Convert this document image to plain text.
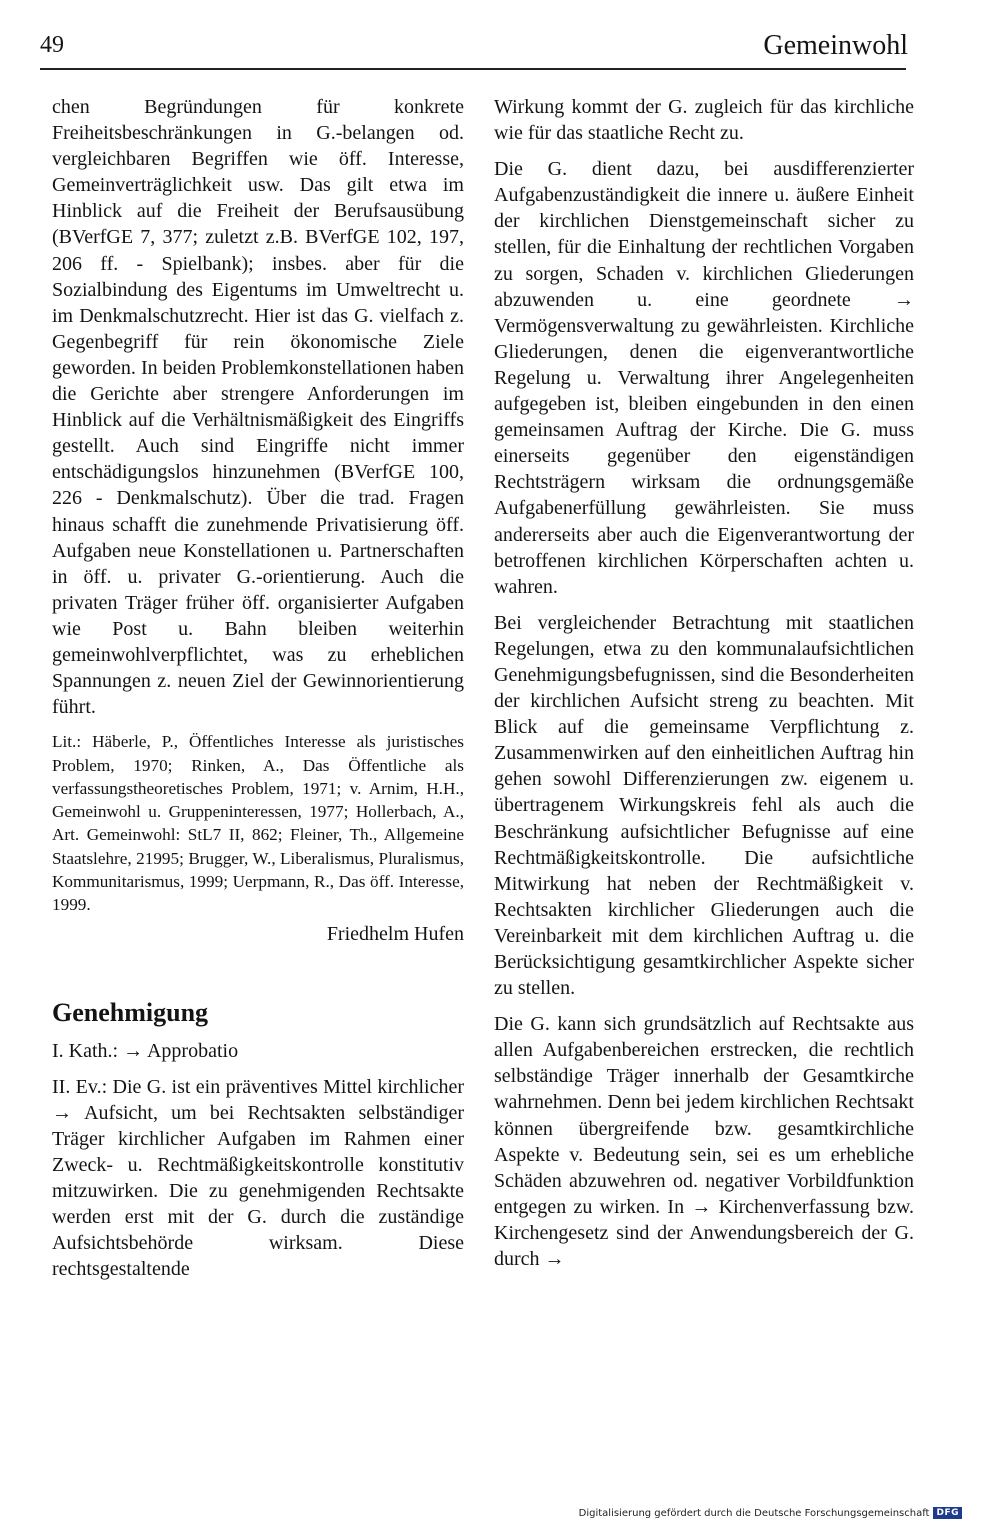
49	Gemeinwohl

chen Begründungen für konkrete Freiheitsbeschränkungen in G.-belangen od. vergleichbaren Begriffen wie öff. Interesse, Gemeinverträglichkeit usw. Das gilt etwa im Hinblick auf die Freiheit der Berufsausübung (BVerfGE 7, 377; zuletzt z.B. BVerfGE 102, 197, 206 ff. - Spielbank); insbes. aber für die Sozialbindung des Eigentums im Umweltrecht u. im Denkmalschutzrecht. Hier ist das G. vielfach z. Gegenbegriff für rein ökonomische Ziele geworden. In beiden Problemkonstellationen haben die Gerichte aber strengere Anforderungen im Hinblick auf die Verhältnismäßigkeit des Eingriffs gestellt. Auch sind Eingriffe nicht immer entschädigungslos hinzunehmen (BVerfGE 100, 226 - Denkmalschutz). Über die trad. Fragen hinaus schafft die zunehmende Privatisierung öff. Aufgaben neue Konstellationen u. Partnerschaften in öff. u. privater G.-orientierung. Auch die privaten Träger früher öff. organisierter Aufgaben wie Post u. Bahn bleiben weiterhin gemeinwohlverpflichtet, was zu erheblichen Spannungen z. neuen Ziel der Gewinnorientierung führt.

Lit.: Häberle, P., Öffentliches Interesse als juristisches Problem, 1970; Rinken, A., Das Öffentliche als verfassungstheoretisches Problem, 1971; v. Arnim, H.H., Gemeinwohl u. Gruppeninteressen, 1977; Hollerbach, A., Art. Gemeinwohl: StL7 II, 862; Fleiner, Th., Allgemeine Staatslehre, 21995; Brugger, W., Liberalismus, Pluralismus, Kommunitarismus, 1999; Uerpmann, R., Das öff. Interesse, 1999.

Friedhelm Hufen

Genehmigung

I. Kath.: → Approbatio

II. Ev.: Die G. ist ein präventives Mittel kirchlicher → Aufsicht, um bei Rechtsakten selbständiger Träger kirchlicher Aufgaben im Rahmen einer Zweck- u. Rechtmäßigkeitskontrolle konstitutiv mitzuwirken. Die zu genehmigenden Rechtsakte werden erst mit der G. durch die zuständige Aufsichtsbehörde wirksam. Diese rechtsgestaltende

Wirkung kommt der G. zugleich für das kirchliche wie für das staatliche Recht zu.

Die G. dient dazu, bei ausdifferenzierter Aufgabenzuständigkeit die innere u. äußere Einheit der kirchlichen Dienstgemeinschaft sicher zu stellen, für die Einhaltung der rechtlichen Vorgaben zu sorgen, Schaden v. kirchlichen Gliederungen abzuwenden u. eine geordnete → Vermögensverwaltung zu gewährleisten. Kirchliche Gliederungen, denen die eigenverantwortliche Regelung u. Verwaltung ihrer Angelegenheiten aufgegeben ist, bleiben eingebunden in den einen gemeinsamen Auftrag der Kirche. Die G. muss einerseits gegenüber den eigenständigen Rechtsträgern wirksam die ordnungsgemäße Aufgabenerfüllung gewährleisten. Sie muss andererseits aber auch die Eigenverantwortung der betroffenen kirchlichen Körperschaften achten u. wahren.

Bei vergleichender Betrachtung mit staatlichen Regelungen, etwa zu den kommunalaufsichtlichen Genehmigungsbefugnissen, sind die Besonderheiten der kirchlichen Aufsicht streng zu beachten. Mit Blick auf die gemeinsame Verpflichtung z. Zusammenwirken auf den einheitlichen Auftrag hin gehen sowohl Differenzierungen zw. eigenem u. übertragenem Wirkungskreis fehl als auch die Beschränkung aufsichtlicher Befugnisse auf eine Rechtmäßigkeitskontrolle. Die aufsichtliche Mitwirkung hat neben der Rechtmäßigkeit v. Rechtsakten kirchlicher Gliederungen auch die Vereinbarkeit mit dem kirchlichen Auftrag u. die Berücksichtigung gesamtkirchlicher Aspekte sicher zu stellen.

Die G. kann sich grundsätzlich auf Rechtsakte aus allen Aufgabenbereichen erstrecken, die rechtlich selbständige Träger innerhalb der Gesamtkirche wahrnehmen. Denn bei jedem kirchlichen Rechtsakt können übergreifende bzw. gesamtkirchliche Aspekte v. Bedeutung sein, sei es um erhebliche Schäden abzuwehren od. negativer Vorbildfunktion entgegen zu wirken. In → Kirchenverfassung bzw. Kirchengesetz sind der Anwendungsbereich der G. durch →

Digitalisierung gefördert durch die Deutsche Forschungsgemeinschaft DFG
